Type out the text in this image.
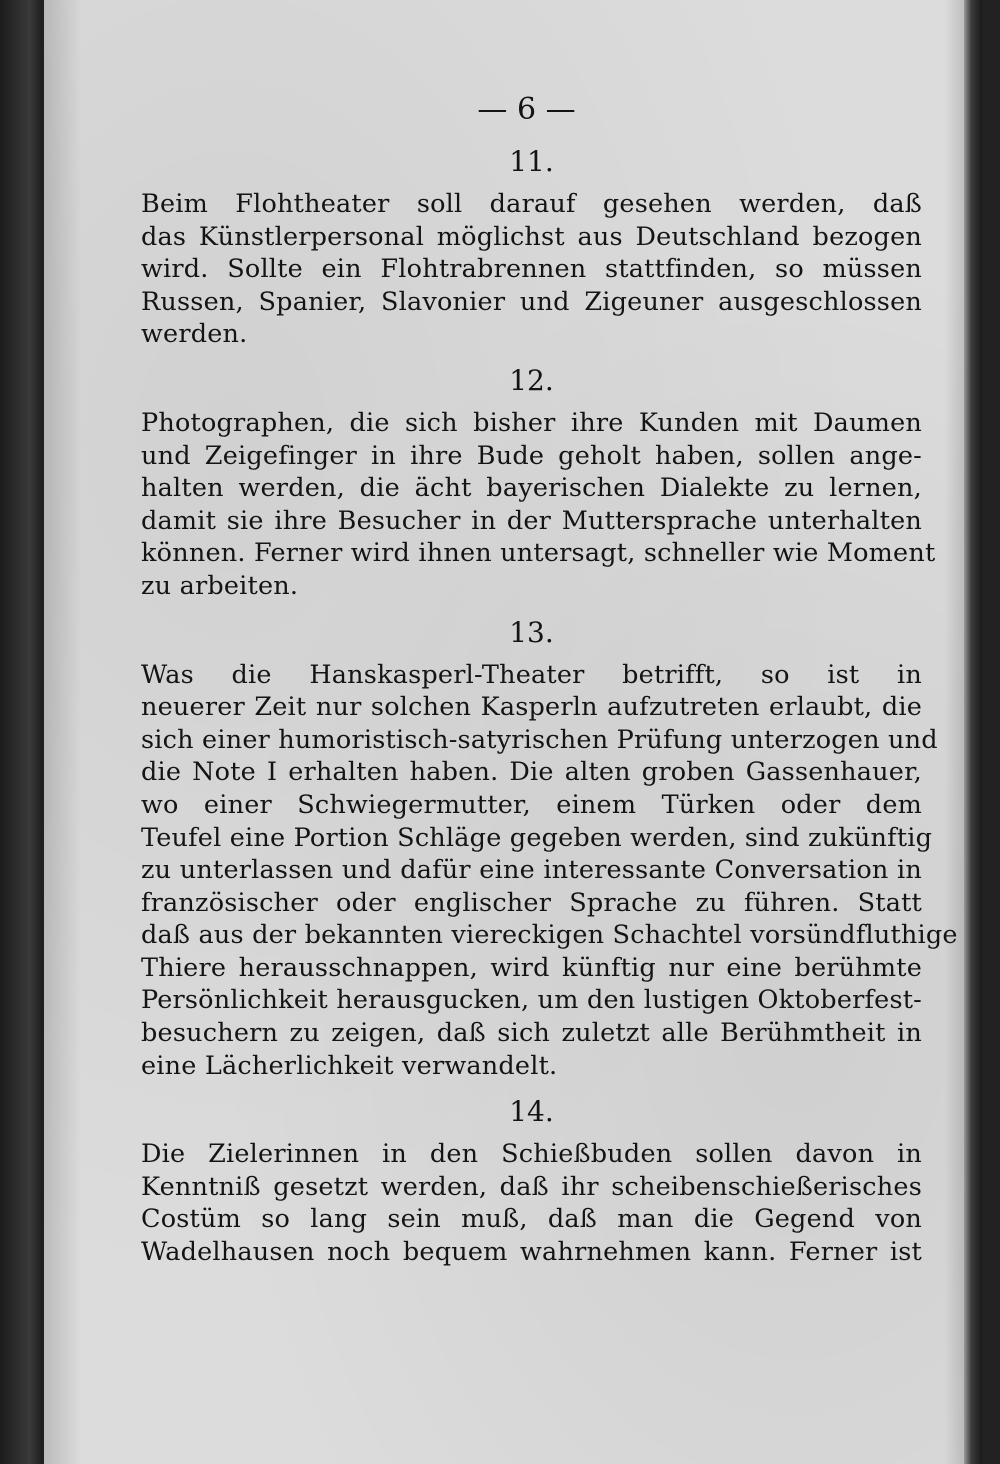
— 6 —
11.
Beim Flohtheater soll darauf gesehen werden, daß
das Künstlerpersonal möglichst aus Deutschland bezogen
wird. Sollte ein Flohtrabrennen stattfinden, so müssen
Russen, Spanier, Slavonier und Zigeuner ausgeschlossen
werden.
12.
Photographen, die sich bisher ihre Kunden mit Daumen
und Zeigefinger in ihre Bude geholt haben, sollen ange-
halten werden, die ächt bayerischen Dialekte zu lernen,
damit sie ihre Besucher in der Muttersprache unterhalten
können. Ferner wird ihnen untersagt, schneller wie Moment
zu arbeiten.
13.
Was die Hanskasperl-Theater betrifft, so ist in
neuerer Zeit nur solchen Kasperln aufzutreten erlaubt, die
sich einer humoristisch-satyrischen Prüfung unterzogen und
die Note I erhalten haben. Die alten groben Gassenhauer,
wo einer Schwiegermutter, einem Türken oder dem
Teufel eine Portion Schläge gegeben werden, sind zukünftig
zu unterlassen und dafür eine interessante Conversation in
französischer oder englischer Sprache zu führen. Statt
daß aus der bekannten viereckigen Schachtel vorsündfluthige
Thiere herausschnappen, wird künftig nur eine berühmte
Persönlichkeit herausgucken, um den lustigen Oktoberfest-
besuchern zu zeigen, daß sich zuletzt alle Berühmtheit in
eine Lächerlichkeit verwandelt.
14.
Die Zielerinnen in den Schießbuden sollen davon in
Kenntniß gesetzt werden, daß ihr scheibenschießerisches
Costüm so lang sein muß, daß man die Gegend von
Wadelhausen noch bequem wahrnehmen kann. Ferner ist
